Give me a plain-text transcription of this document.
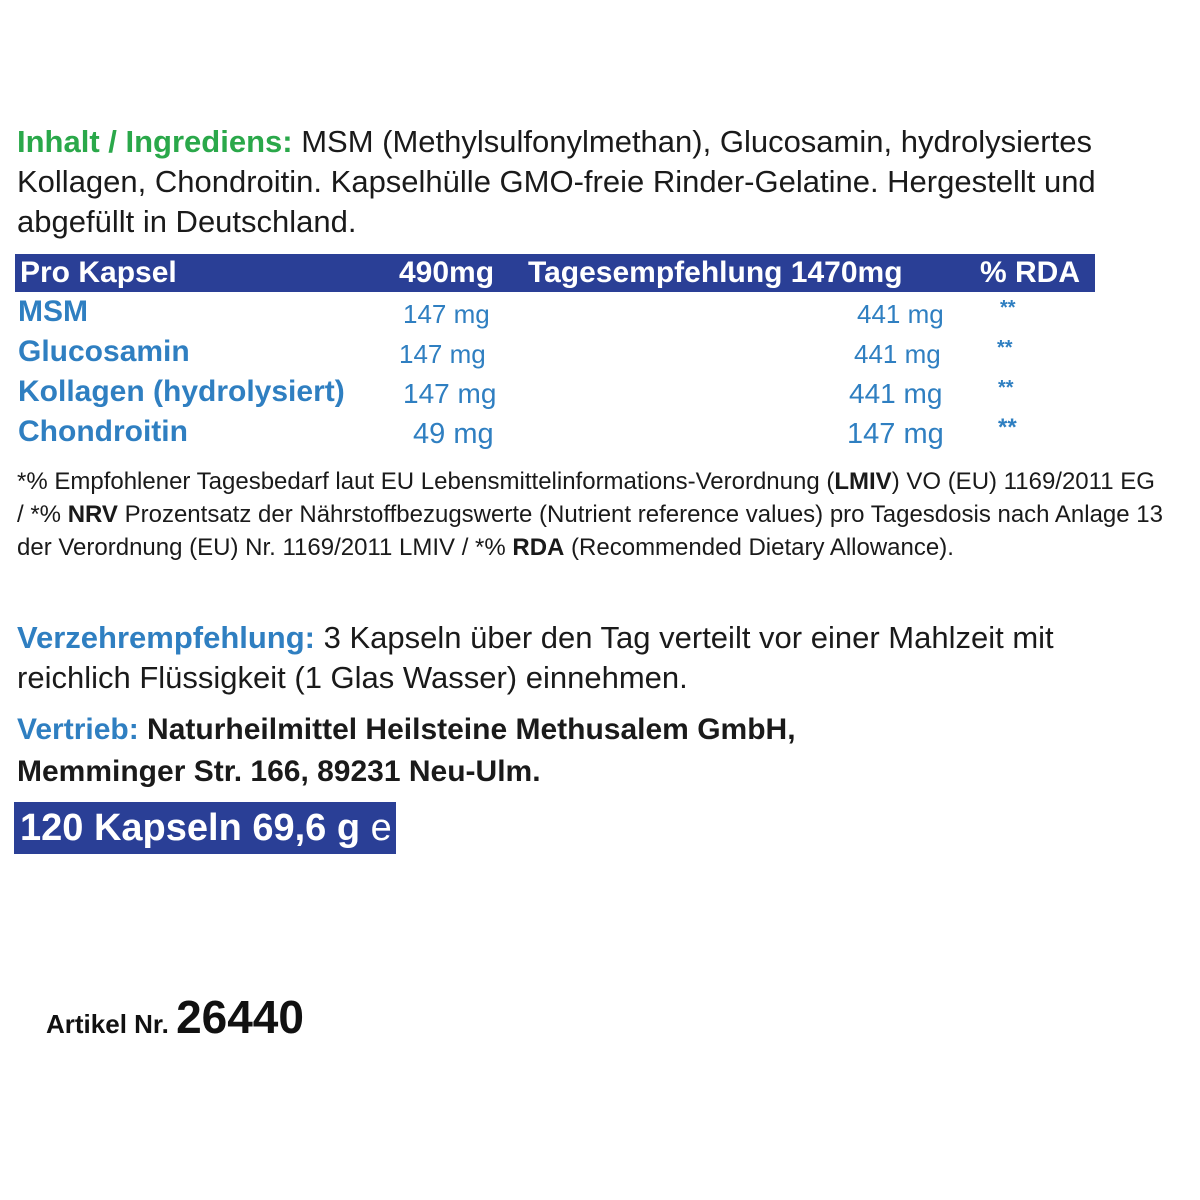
Inhalt / Ingrediens: MSM (Methylsulfonylmethan), Glucosamin, hydrolysiertes Kollagen, Chondroitin. Kapselhülle GMO-freie Rinder-Gelatine. Hergestellt und abgefüllt in Deutschland.
Pro Kapsel	490mg Tagesempfehlung 1470mg	% RDA
MSM	147 mg	441 mg	**
Glucosamin	147 mg	441 mg	**
Kollagen (hydrolysiert) 147 mg	441 mg	**
Chondroitin	49 mg	147 mg **
*% Empfohlener Tagesbedarf laut EU Lebensmittelinformations-Verordnung (LMIV) VO (EU) 1169/2011 EG / *% NRV Prozentsatz der Nährstoffbezugswerte (Nutrient reference values) pro Tagesdosis nach Anlage 13 der Verordnung (EU) Nr. 1169/2011 LMIV / *% RDA (Recommended Dietary Allowance).
Verzehrempfehlung: 3 Kapseln über den Tag verteilt vor einer Mahlzeit mit reichlich Flüssigkeit (1 Glas Wasser) einnehmen.
Vertrieb: Naturheilmittel Heilsteine Methusalem GmbH,
Memminger Str. 166, 89231 Neu-Ulm.
120 Kapseln 69,6 g e
Artikel Nr. 26440
